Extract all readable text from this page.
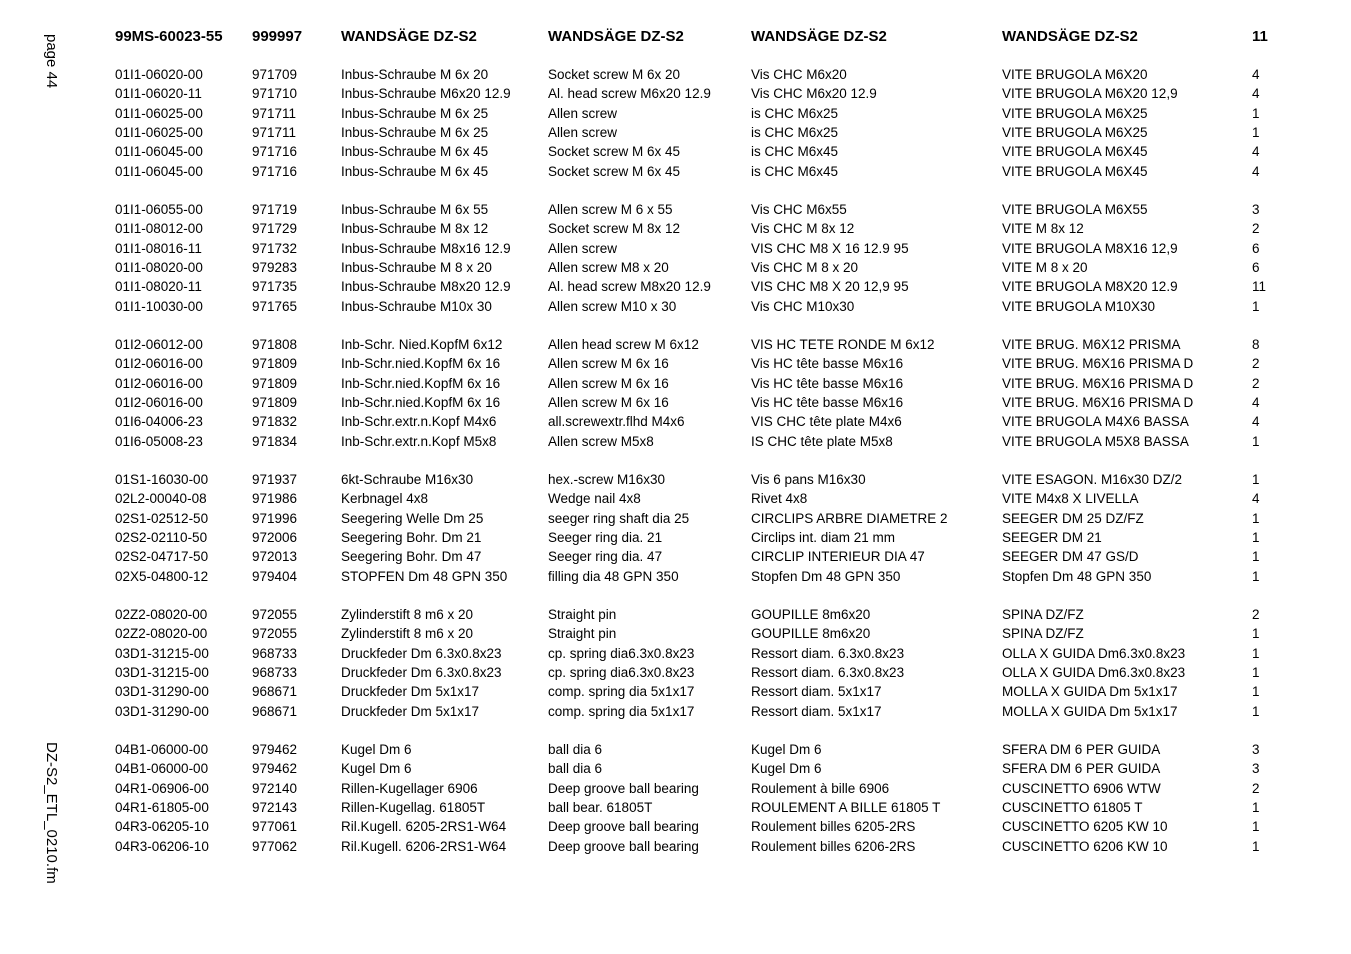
page 44
DZ-S2_ETL_0210.fm
99MS-60023-55 999997	WANDSÄGE DZ-S2	WANDSÄGE DZ-S2	WANDSÄGE DZ-S2	WANDSÄGE DZ-S2	11
01I1-06020-00	971709	Inbus-Schraube M 6x 20	Socket screw M 6x 20	Vis CHC M6x20	VITE BRUGOLA M6X20	4
01I1-06020-11	971710	Inbus-Schraube M6x20 12.9	Al. head screw M6x20 12.9	Vis CHC M6x20 12.9	VITE BRUGOLA M6X20 12,9	4
01I1-06025-00	971711	Inbus-Schraube M 6x 25	Allen screw	is CHC M6x25	VITE BRUGOLA M6X25	1
01I1-06025-00	971711	Inbus-Schraube M 6x 25	Allen screw	is CHC M6x25	VITE BRUGOLA M6X25	1
01I1-06045-00	971716	Inbus-Schraube M 6x 45	Socket screw M 6x 45	is CHC M6x45	VITE BRUGOLA M6X45	4
01I1-06045-00	971716	Inbus-Schraube M 6x 45	Socket screw M 6x 45	is CHC M6x45	VITE BRUGOLA M6X45	4
01I1-06055-00	971719	Inbus-Schraube M 6x 55	Allen screw M 6 x 55	Vis CHC M6x55	VITE BRUGOLA M6X55	3
01I1-08012-00	971729	Inbus-Schraube M 8x 12	Socket screw M 8x 12	Vis CHC M 8x 12	VITE M 8x 12	2
01I1-08016-11	971732	Inbus-Schraube M8x16 12.9	Allen screw	VIS CHC M8 X 16 12.9 95	VITE BRUGOLA M8X16 12,9	6
01I1-08020-00	979283	Inbus-Schraube M 8 x 20	Allen screw M8 x 20	Vis CHC M 8 x 20	VITE M 8 x 20	6
01I1-08020-11	971735	Inbus-Schraube M8x20 12.9	Al. head screw M8x20 12.9	VIS CHC M8 X 20 12,9 95	VITE BRUGOLA M8X20 12.9	11
01I1-10030-00	971765	Inbus-Schraube M10x 30	Allen screw M10 x 30	Vis CHC M10x30	VITE BRUGOLA M10X30	1
01I2-06012-00	971808	Inb-Schr. Nied.KopfM 6x12	Allen head screw M 6x12	VIS HC TETE RONDE M 6x12	VITE BRUG. M6X12 PRISMA	8
01I2-06016-00	971809	Inb-Schr.nied.KopfM 6x 16	Allen screw M 6x 16	Vis HC tête basse M6x16	VITE BRUG. M6X16 PRISMA D	2
01I2-06016-00	971809	Inb-Schr.nied.KopfM 6x 16	Allen screw M 6x 16	Vis HC tête basse M6x16	VITE BRUG. M6X16 PRISMA D	2
01I2-06016-00	971809	Inb-Schr.nied.KopfM 6x 16	Allen screw M 6x 16	Vis HC tête basse M6x16	VITE BRUG. M6X16 PRISMA D	4
01I6-04006-23	971832	Inb-Schr.extr.n.Kopf M4x6	all.screwextr.flhd M4x6	VIS CHC tête plate M4x6	VITE BRUGOLA M4X6 BASSA	4
01I6-05008-23	971834	Inb-Schr.extr.n.Kopf M5x8	Allen screw M5x8	IS CHC tête plate M5x8	VITE BRUGOLA M5X8 BASSA	1
01S1-16030-00	971937	6kt-Schraube M16x30	hex.-screw M16x30	Vis 6 pans M16x30	VITE ESAGON. M16x30 DZ/2	1
02L2-00040-08	971986	Kerbnagel 4x8	Wedge nail 4x8	Rivet 4x8	VITE M4x8 X LIVELLA	4
02S1-02512-50	971996	Seegering Welle Dm 25	seeger ring shaft dia 25	CIRCLIPS ARBRE DIAMETRE 2	SEEGER DM 25 DZ/FZ	1
02S2-02110-50	972006	Seegering Bohr. Dm 21	Seeger ring dia. 21	Circlips int. diam 21 mm	SEEGER DM 21	1
02S2-04717-50	972013	Seegering Bohr. Dm 47	Seeger ring dia. 47	CIRCLIP INTERIEUR DIA 47	SEEGER DM 47 GS/D	1
02X5-04800-12	979404	STOPFEN Dm 48 GPN 350	filling dia 48 GPN 350	Stopfen Dm 48 GPN 350	Stopfen Dm 48 GPN 350	1
02Z2-08020-00	972055	Zylinderstift 8 m6 x 20	Straight pin	GOUPILLE 8m6x20	SPINA DZ/FZ	2
02Z2-08020-00	972055	Zylinderstift 8 m6 x 20	Straight pin	GOUPILLE 8m6x20	SPINA DZ/FZ	1
03D1-31215-00	968733	Druckfeder Dm 6.3x0.8x23	cp. spring dia6.3x0.8x23	Ressort diam. 6.3x0.8x23	OLLA X GUIDA Dm6.3x0.8x23	1
03D1-31215-00	968733	Druckfeder Dm 6.3x0.8x23	cp. spring dia6.3x0.8x23	Ressort diam. 6.3x0.8x23	OLLA X GUIDA Dm6.3x0.8x23	1
03D1-31290-00	968671	Druckfeder Dm 5x1x17	comp. spring dia 5x1x17	Ressort diam. 5x1x17	MOLLA X GUIDA Dm 5x1x17	1
03D1-31290-00	968671	Druckfeder Dm 5x1x17	comp. spring dia 5x1x17	Ressort diam. 5x1x17	MOLLA X GUIDA Dm 5x1x17	1
04B1-06000-00	979462	Kugel Dm 6	ball dia 6	Kugel Dm 6	SFERA DM 6 PER GUIDA	3
04B1-06000-00	979462	Kugel Dm 6	ball dia 6	Kugel Dm 6	SFERA DM 6 PER GUIDA	3
04R1-06906-00	972140	Rillen-Kugellager 6906	Deep groove ball bearing	Roulement à bille 6906	CUSCINETTO 6906 WTW	2
04R1-61805-00	972143	Rillen-Kugellag. 61805T	ball bear. 61805T	ROULEMENT A BILLE 61805 T	CUSCINETTO 61805 T	1
04R3-06205-10	977061	Ril.Kugell. 6205-2RS1-W64	Deep groove ball bearing	Roulement billes 6205-2RS	CUSCINETTO 6205 KW 10	1
04R3-06206-10	977062	Ril.Kugell. 6206-2RS1-W64	Deep groove ball bearing	Roulement billes 6206-2RS	CUSCINETTO 6206 KW 10	1
